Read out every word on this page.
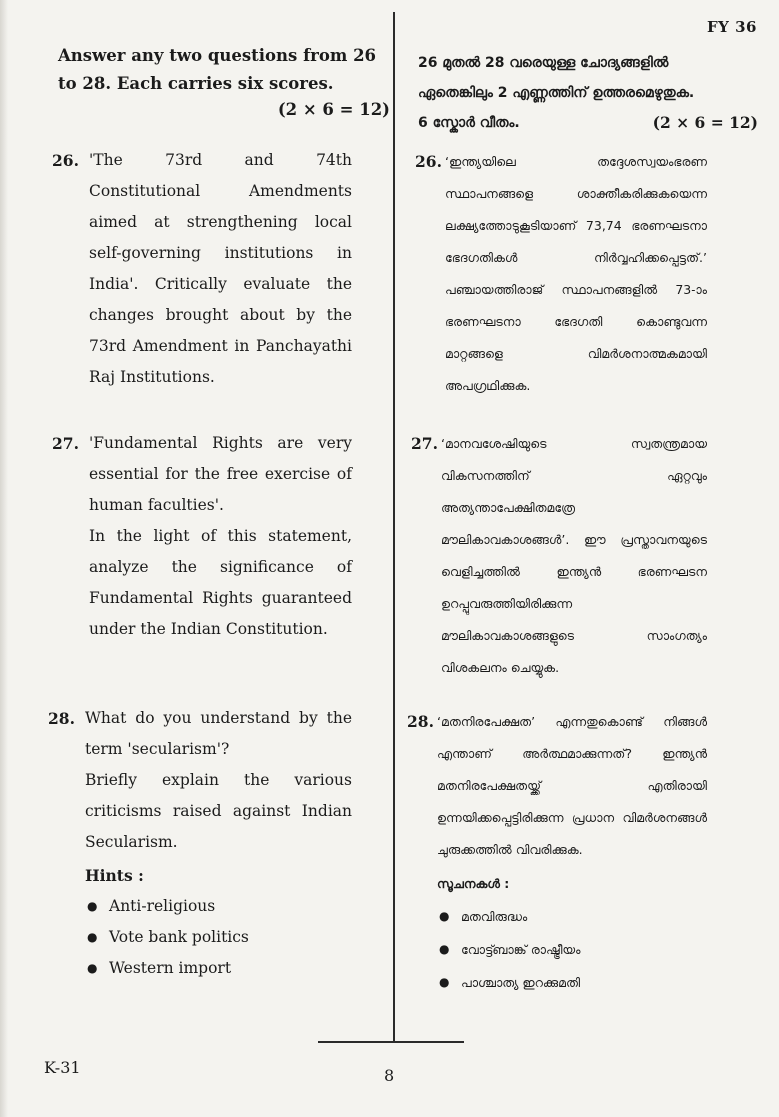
FY 36
Answer any two questions from 26 to 28. Each carries six scores.
(2 × 6 = 12)
26. 'The 73rd and 74th Constitutional Amendments aimed at strengthening local self-governing institutions in India'. Critically evaluate the changes brought about by the 73rd Amendment in Panchayathi Raj Institutions.
27. 'Fundamental Rights are very essential for the free exercise of human faculties'.
In the light of this statement, analyze the significance of Fundamental Rights guaranteed under the Indian Constitution.
28. What do you understand by the term 'secularism'?
Briefly explain the various criticisms raised against Indian Secularism.
Hints :
● Anti-religious
● Vote bank politics
● Western import
26 മുതൽ 28 വരെയുള്ള ചോദ്യങ്ങളിൽ
ഏതെങ്കിലും 2 എണ്ണത്തിന് ഉത്തരമെഴുതുക.
6 സ്കോർ വീതം.	(2 × 6 = 12)
26. ‘ഇന്ത്യയിലെ തദ്ദേശസ്വയംഭരണ സ്ഥാപനങ്ങളെ ശാക്തീകരിക്കുകയെന്ന ലക്ഷ്യത്തോടുകൂടിയാണ് 73,74 ഭരണഘടനാ ഭേദഗതികൾ നിർവ്വഹിക്കപ്പെട്ടത്.’ പഞ്ചായത്തിരാജ് സ്ഥാപനങ്ങളിൽ 73-ാം ഭരണഘടനാ ഭേദഗതി കൊണ്ടുവന്ന മാറ്റങ്ങളെ വിമർശനാത്മകമായി അപഗ്രഥിക്കുക.
27. ‘മാനവശേഷിയുടെ സ്വതന്ത്രമായ വികസനത്തിന് ഏറ്റവും അത്യന്താപേക്ഷിതമത്രേ മൗലികാവകാശങ്ങൾ’. ഈ പ്രസ്താവനയുടെ വെളിച്ചത്തിൽ ഇന്ത്യൻ ഭരണഘടന ഉറപ്പുവരുത്തിയിരിക്കുന്ന മൗലികാവകാശങ്ങളുടെ സാംഗത്യം വിശകലനം ചെയ്യുക.
28. ‘മതനിരപേക്ഷത’ എന്നതുകൊണ്ട് നിങ്ങൾ എന്താണ് അർത്ഥമാക്കുന്നത്? ഇന്ത്യൻ മതനിരപേക്ഷതയ്ക്ക് എതിരായി ഉന്നയിക്കപ്പെട്ടിരിക്കുന്ന പ്രധാന വിമർശനങ്ങൾ ചുരുക്കത്തിൽ വിവരിക്കുക.
സൂചനകൾ :
● മതവിരുദ്ധം
● വോട്ട്ബാങ്ക് രാഷ്ട്രീയം
● പാശ്ചാത്യ ഇറക്കുമതി
K-31	8
